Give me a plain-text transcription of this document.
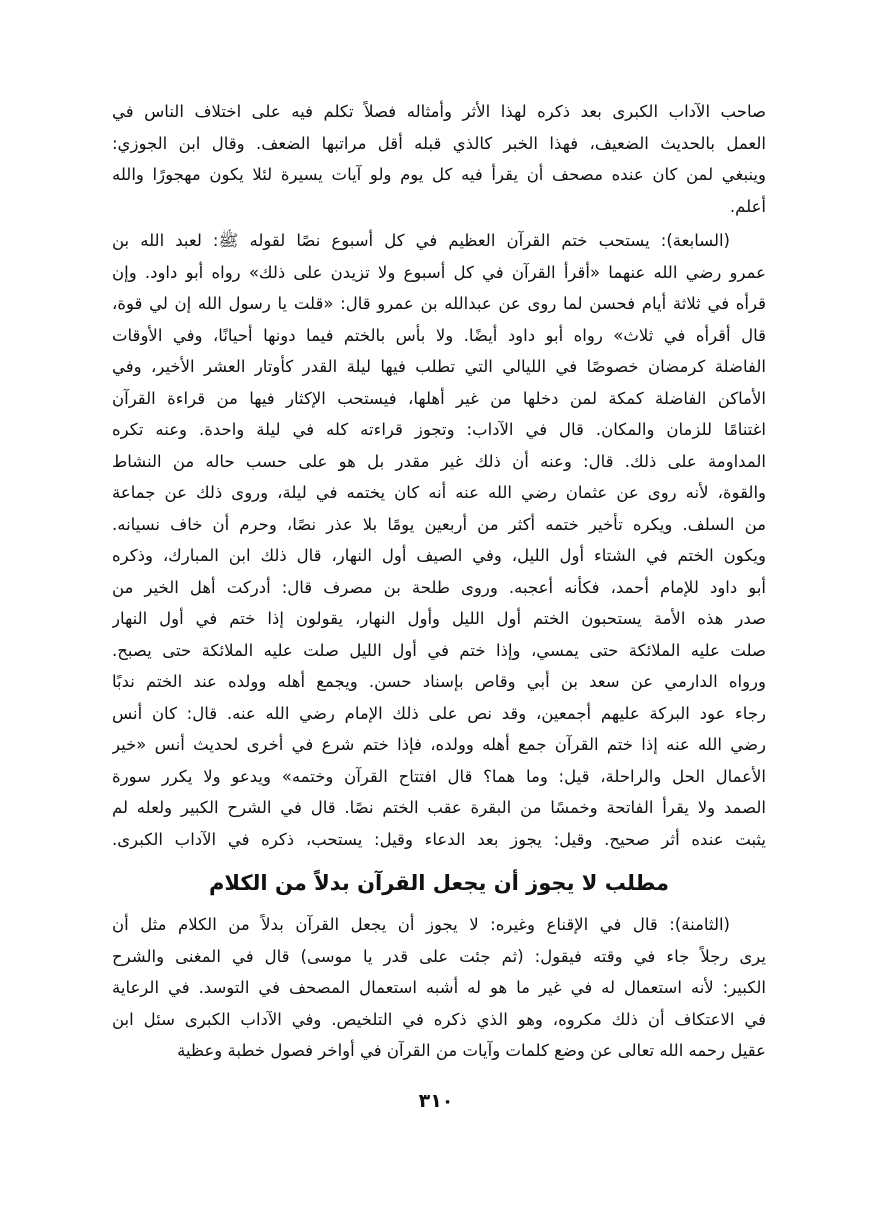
صاحب الآداب الكبرى بعد ذكره لهذا الأثر وأمثاله فصلاً تكلم فيه على اختلاف الناس في
العمل بالحديث الضعيف، فهذا الخبر كالذي قبله أقل مراتبها الضعف. وقال ابن الجوزي:
وينبغي لمن كان عنده مصحف أن يقرأ فيه كل يوم ولو آيات يسيرة لئلا يكون مهجورًا والله
أعلم.
(السابعة): يستحب ختم القرآن العظيم في كل أسبوع نصًا لقوله ﷺ: لعبد الله بن
عمرو رضي الله عنهما «أقرأ القرآن في كل أسبوع ولا تزيدن على ذلك» رواه أبو داود. وإن
قرأه في ثلاثة أيام فحسن لما روى عن عبدالله بن عمرو قال: «قلت يا رسول الله إن لي قوة،
قال أقرأه في ثلاث» رواه أبو داود أيضًا. ولا بأس بالختم فيما دونها أحيانًا، وفي الأوقات
الفاضلة كرمضان خصوصًا في الليالي التي تطلب فيها ليلة القدر كأوتار العشر الأخير، وفي
الأماكن الفاضلة كمكة لمن دخلها من غير أهلها، فيستحب الإكثار فيها من قراءة القرآن
اغتنامًا للزمان والمكان. قال في الآداب: وتجوز قراءته كله في ليلة واحدة. وعنه تكره
المداومة على ذلك. قال: وعنه أن ذلك غير مقدر بل هو على حسب حاله من النشاط
والقوة، لأنه روى عن عثمان رضي الله عنه أنه كان يختمه في ليلة، وروى ذلك عن جماعة
من السلف. ويكره تأخير ختمه أكثر من أربعين يومًا بلا عذر نصًا، وحرم أن خاف نسيانه.
ويكون الختم في الشتاء أول الليل، وفي الصيف أول النهار، قال ذلك ابن المبارك، وذكره
أبو داود للإمام أحمد، فكأنه أعجبه. وروى طلحة بن مصرف قال: أدركت أهل الخير من
صدر هذه الأمة يستحبون الختم أول الليل وأول النهار، يقولون إذا ختم في أول النهار
صلت عليه الملائكة حتى يمسي، وإذا ختم في أول الليل صلت عليه الملائكة حتى يصبح.
ورواه الدارمي عن سعد بن أبي وقاص بإسناد حسن. ويجمع أهله وولده عند الختم ندبًا
رجاء عود البركة عليهم أجمعين، وقد نص على ذلك الإمام رضي الله عنه. قال: كان أنس
رضي الله عنه إذا ختم القرآن جمع أهله وولده، فإذا ختم شرع في أخرى لحديث أنس «خير
الأعمال الحل والراحلة، قيل: وما هما؟ قال افتتاح القرآن وختمه» ويدعو ولا يكرر سورة
الصمد ولا يقرأ الفاتحة وخمسًا من البقرة عقب الختم نصًا. قال في الشرح الكبير ولعله لم
يثبت عنده أثر صحيح. وقيل: يجوز بعد الدعاء وقيل: يستحب، ذكره في الآداب الكبرى.
مطلب لا يجوز أن يجعل القرآن بدلاً من الكلام
(الثامنة): قال في الإقناع وغيره: لا يجوز أن يجعل القرآن بدلاً من الكلام مثل أن
يرى رجلاً جاء في وقته فيقول: (ثم جئت على قدر يا موسى) قال في المغنى والشرح
الكبير: لأنه استعمال له في غير ما هو له أشبه استعمال المصحف في التوسد. في الرعاية
في الاعتكاف أن ذلك مكروه، وهو الذي ذكره في التلخيص. وفي الآداب الكبرى سئل ابن
عقيل رحمه الله تعالى عن وضع كلمات وآيات من القرآن في أواخر فصول خطبة وعظية
٣١٠
